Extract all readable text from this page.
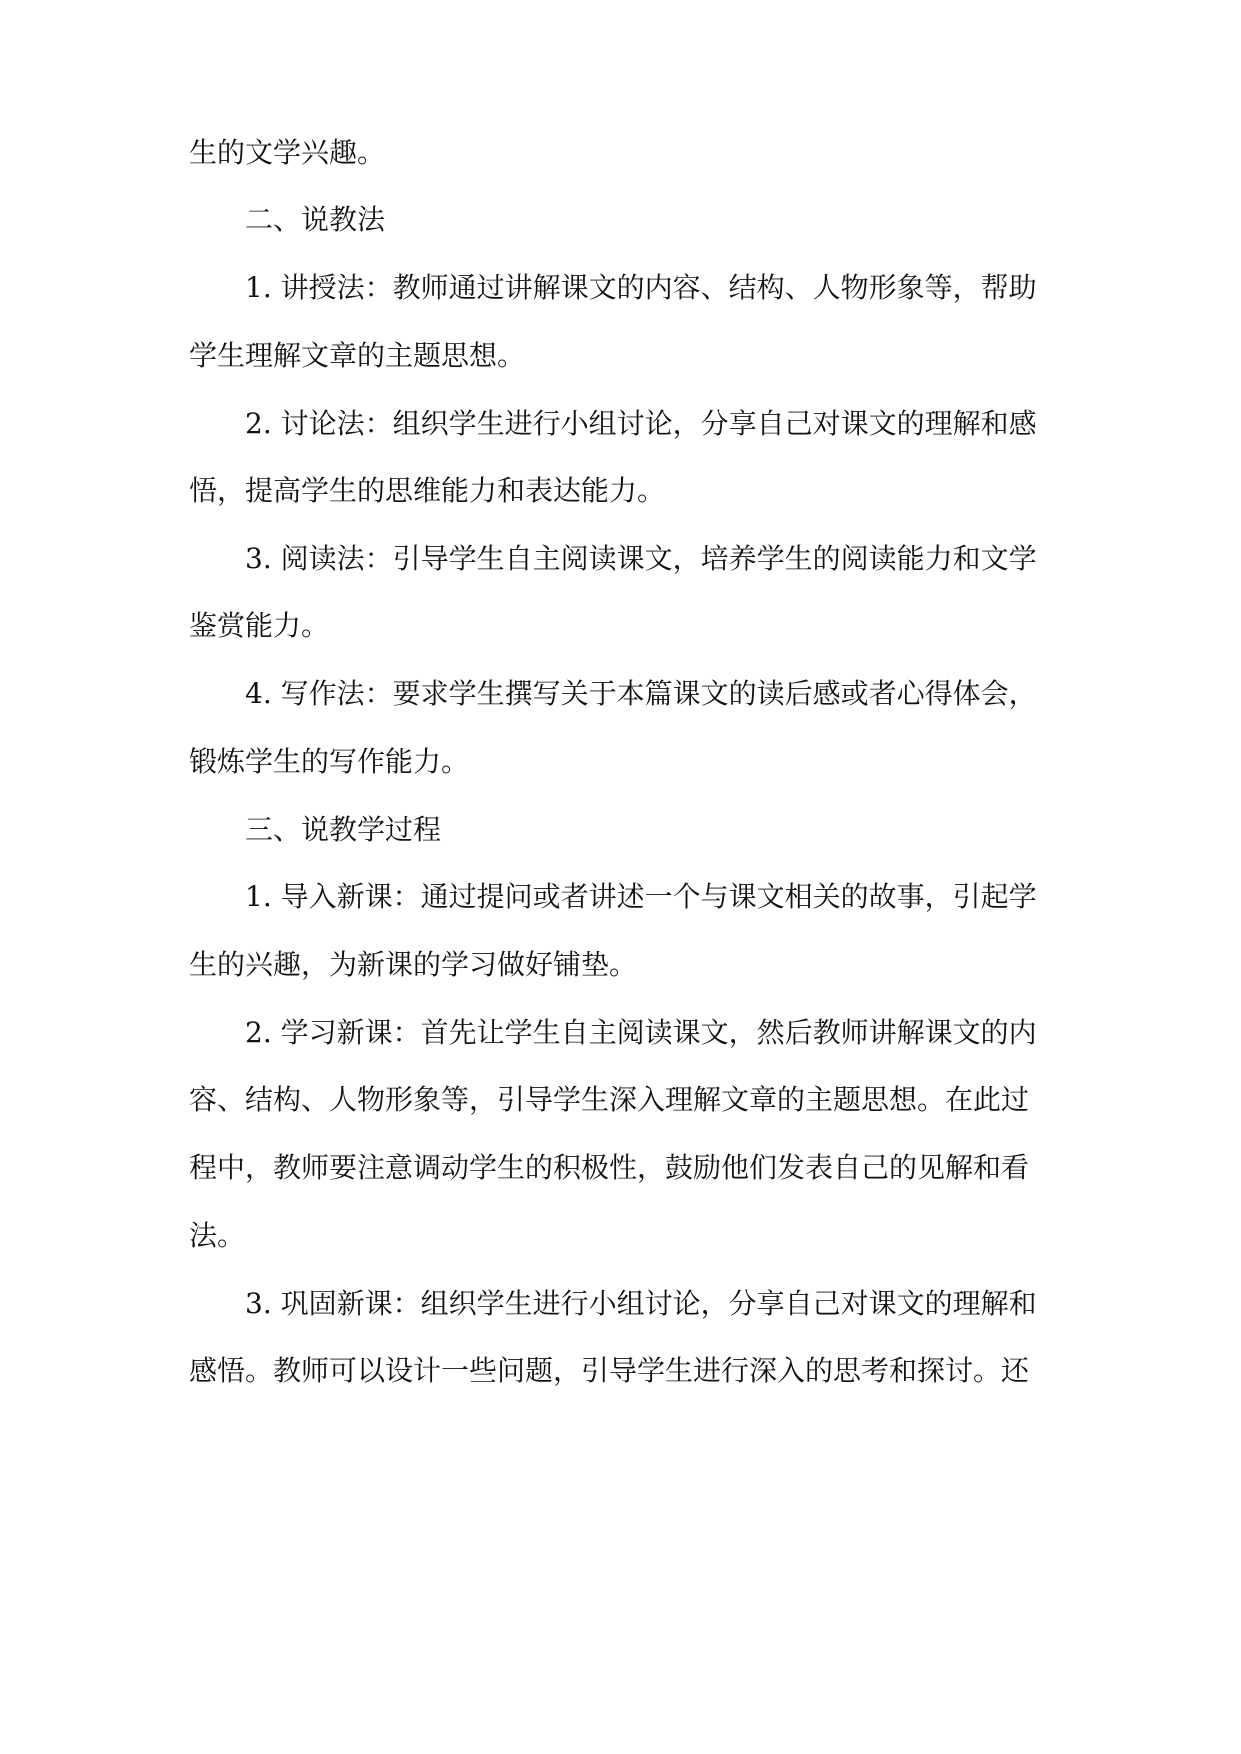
生的文学兴趣。
二、说教法
1. 讲授法：教师通过讲解课文的内容、结构、人物形象等，帮助
学生理解文章的主题思想。
2. 讨论法：组织学生进行小组讨论，分享自己对课文的理解和感
悟，提高学生的思维能力和表达能力。
3. 阅读法：引导学生自主阅读课文，培养学生的阅读能力和文学
鉴赏能力。
4. 写作法：要求学生撰写关于本篇课文的读后感或者心得体会，
锻炼学生的写作能力。
三、说教学过程
1. 导入新课：通过提问或者讲述一个与课文相关的故事，引起学
生的兴趣，为新课的学习做好铺垫。
2. 学习新课：首先让学生自主阅读课文，然后教师讲解课文的内
容、结构、人物形象等，引导学生深入理解文章的主题思想。在此过
程中，教师要注意调动学生的积极性，鼓励他们发表自己的见解和看
法。
3. 巩固新课：组织学生进行小组讨论，分享自己对课文的理解和
感悟。教师可以设计一些问题，引导学生进行深入的思考和探讨。还
